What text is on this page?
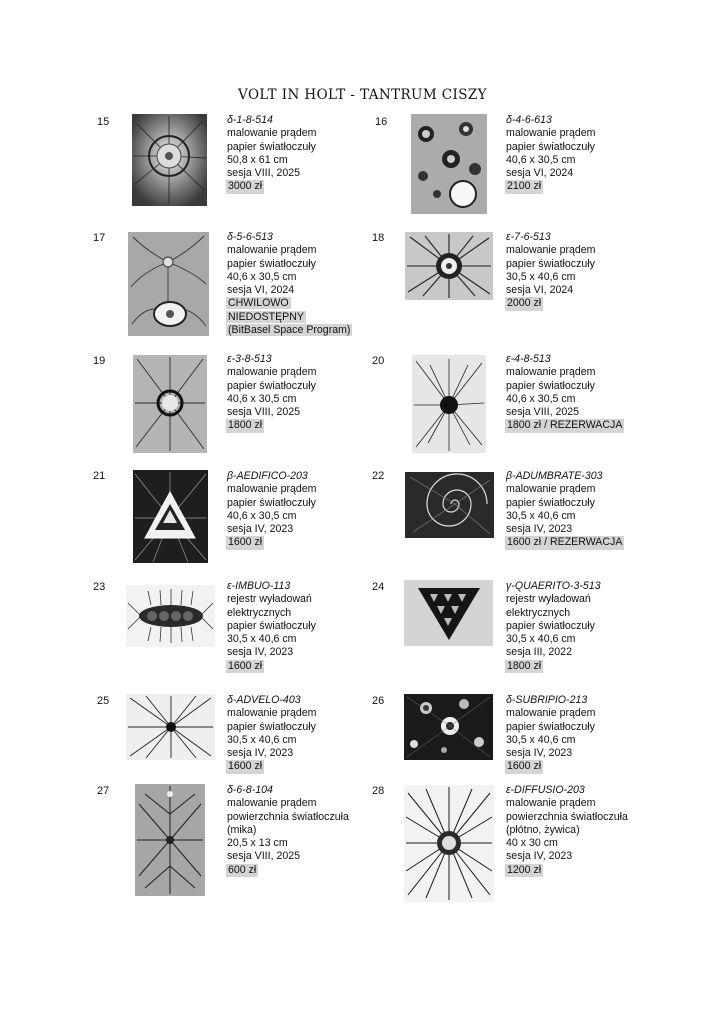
VOLT IN HOLT - TANTRUM CISZY
15	δ-1-8-514
malowanie prądem
papier światłoczuły
50,8 x 61 cm
sesja VIII, 2025
3000 zł
16	δ-4-6-613
malowanie prądem
papier światłoczuły
40,6 x 30,5 cm
sesja VI, 2024
2100 zł
17	δ-5-6-513
malowanie prądem
papier światłoczuły
40,6 x 30,5 cm
sesja VI, 2024
CHWILOWO
NIEDOSTĘPNY
(BitBasel Space Program)
18	ε-7-6-513
malowanie prądem
papier światłoczuły
30,5 x 40,6 cm
sesja VI, 2024
2000 zł
19	ε-3-8-513
malowanie prądem
papier światłoczuły
40,6 x 30,5 cm
sesja VIII, 2025
1800 zł
20	ε-4-8-513
malowanie prądem
papier światłoczuły
40,6 x 30,5 cm
sesja VIII, 2025
1800 zł / REZERWACJA
21	β-AEDIFICO-203
malowanie prądem
papier światłoczuły
40,6 x 30,5 cm
sesja IV, 2023
1600 zł
22	β-ADUMBRATE-303
malowanie prądem
papier światłoczuły
30,5 x 40,6 cm
sesja IV, 2023
1600 zł / REZERWACJA
23	ε-IMBUO-113
rejestr wyładowań
elektrycznych
papier światłoczuły
30,5 x 40,6 cm
sesja IV, 2023
1600 zł
24	γ-QUAERITO-3-513
rejestr wyładowań
elektrycznych
papier światłoczuły
30,5 x 40,6 cm
sesja III, 2022
1800 zł
25	δ-ADVELO-403
malowanie prądem
papier światłoczuły
30,5 x 40,6 cm
sesja IV, 2023
1600 zł
26	δ-SUBRIPIO-213
malowanie prądem
papier światłoczuły
30,5 x 40,6 cm
sesja IV, 2023
1600 zł
27	δ-6-8-104
malowanie prądem
powierzchnia światłoczuła
(mika)
20,5 x 13 cm
sesja VIII, 2025
600 zł
28	ε-DIFFUSIO-203
malowanie prądem
powierzchnia światłoczuła
(płótno, żywica)
40 x 30 cm
sesja IV, 2023
1200 zł
